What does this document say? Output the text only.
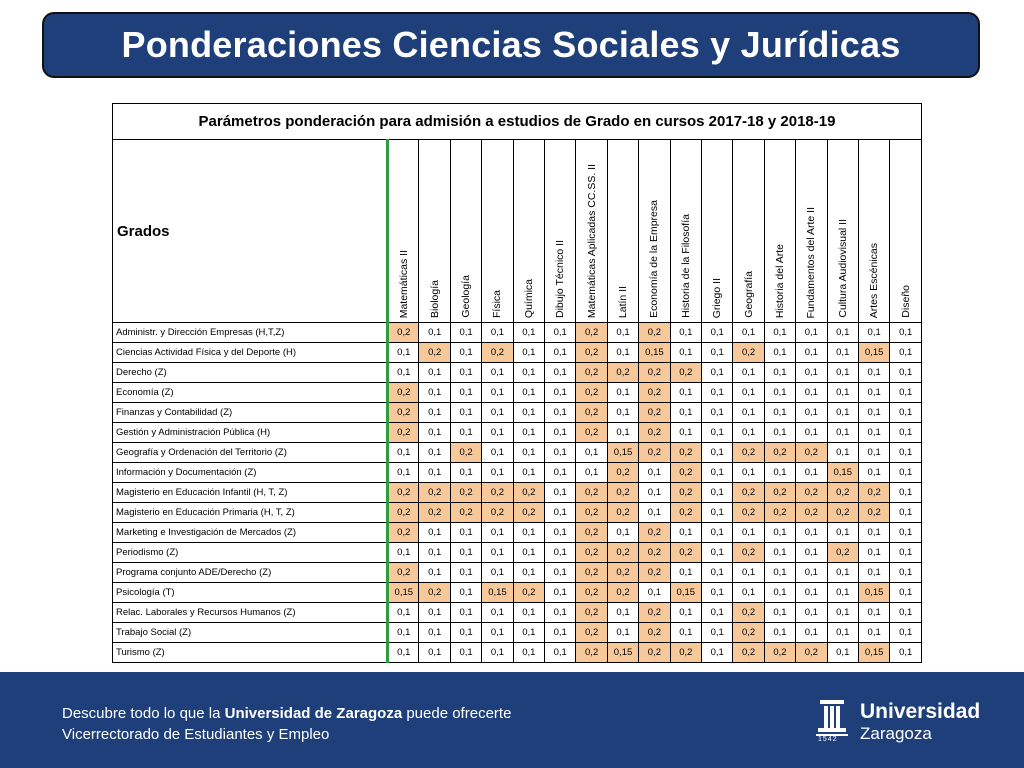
Ponderaciones Ciencias Sociales y Jurídicas
Parámetros ponderación para admisión a estudios de Grado en cursos 2017-18 y 2018-19																	
Grados	Matemáticas II	Biología	Geología	Física	Química	Dibujo Técnico II	Matemáticas Aplicadas CC.SS. II	Latín II	Economía de la Empresa	Historia de la Filosofía	Griego II	Geografía	Historia del Arte	Fundamentos del Arte II	Cultura Audiovisual II	Artes Escénicas	Diseño

Administr. y Dirección Empresas (H,T,Z)	0,2	0,1	0,1	0,1	0,1	0,1	0,2	0,1	0,2	0,1	0,1	0,1	0,1	0,1	0,1	0,1	0,1
Ciencias Actividad Física y del Deporte (H)	0,1	0,2	0,1	0,2	0,1	0,1	0,2	0,1	0,15	0,1	0,1	0,2	0,1	0,1	0,1	0,15	0,1
Derecho (Z)	0,1	0,1	0,1	0,1	0,1	0,1	0,2	0,2	0,2	0,2	0,1	0,1	0,1	0,1	0,1	0,1	0,1
Economía (Z)	0,2	0,1	0,1	0,1	0,1	0,1	0,2	0,1	0,2	0,1	0,1	0,1	0,1	0,1	0,1	0,1	0,1
Finanzas y Contabilidad (Z)	0,2	0,1	0,1	0,1	0,1	0,1	0,2	0,1	0,2	0,1	0,1	0,1	0,1	0,1	0,1	0,1	0,1
Gestión y Administración Pública (H)	0,2	0,1	0,1	0,1	0,1	0,1	0,2	0,1	0,2	0,1	0,1	0,1	0,1	0,1	0,1	0,1	0,1
Geografía y Ordenación del Territorio (Z)	0,1	0,1	0,2	0,1	0,1	0,1	0,1	0,15	0,2	0,2	0,1	0,2	0,2	0,2	0,1	0,1	0,1
Información y Documentación (Z)	0,1	0,1	0,1	0,1	0,1	0,1	0,1	0,2	0,1	0,2	0,1	0,1	0,1	0,1	0,15	0,1	0,1
Magisterio en Educación Infantil (H, T, Z)	0,2	0,2	0,2	0,2	0,2	0,1	0,2	0,2	0,1	0,2	0,1	0,2	0,2	0,2	0,2	0,2	0,1
Magisterio en Educación Primaria (H, T, Z)	0,2	0,2	0,2	0,2	0,2	0,1	0,2	0,2	0,1	0,2	0,1	0,2	0,2	0,2	0,2	0,2	0,1
Marketing e Investigación de Mercados (Z)	0,2	0,1	0,1	0,1	0,1	0,1	0,2	0,1	0,2	0,1	0,1	0,1	0,1	0,1	0,1	0,1	0,1
Periodismo (Z)	0,1	0,1	0,1	0,1	0,1	0,1	0,2	0,2	0,2	0,2	0,1	0,2	0,1	0,1	0,2	0,1	0,1
Programa conjunto ADE/Derecho (Z)	0,2	0,1	0,1	0,1	0,1	0,1	0,2	0,2	0,2	0,1	0,1	0,1	0,1	0,1	0,1	0,1	0,1
Psicología (T)	0,15	0,2	0,1	0,15	0,2	0,1	0,2	0,2	0,1	0,15	0,1	0,1	0,1	0,1	0,1	0,15	0,1
Relac. Laborales y Recursos Humanos (Z)	0,1	0,1	0,1	0,1	0,1	0,1	0,2	0,1	0,2	0,1	0,1	0,2	0,1	0,1	0,1	0,1	0,1
Trabajo Social (Z)	0,1	0,1	0,1	0,1	0,1	0,1	0,2	0,1	0,2	0,1	0,1	0,2	0,1	0,1	0,1	0,1	0,1
Turismo (Z)	0,1	0,1	0,1	0,1	0,1	0,1	0,2	0,15	0,2	0,2	0,1	0,2	0,2	0,2	0,1	0,15	0,1
Descubre todo lo que la Universidad de Zaragoza puede ofrecerte
Vicerrectorado de Estudiantes y Empleo	1542
Universidad
Zaragoza
